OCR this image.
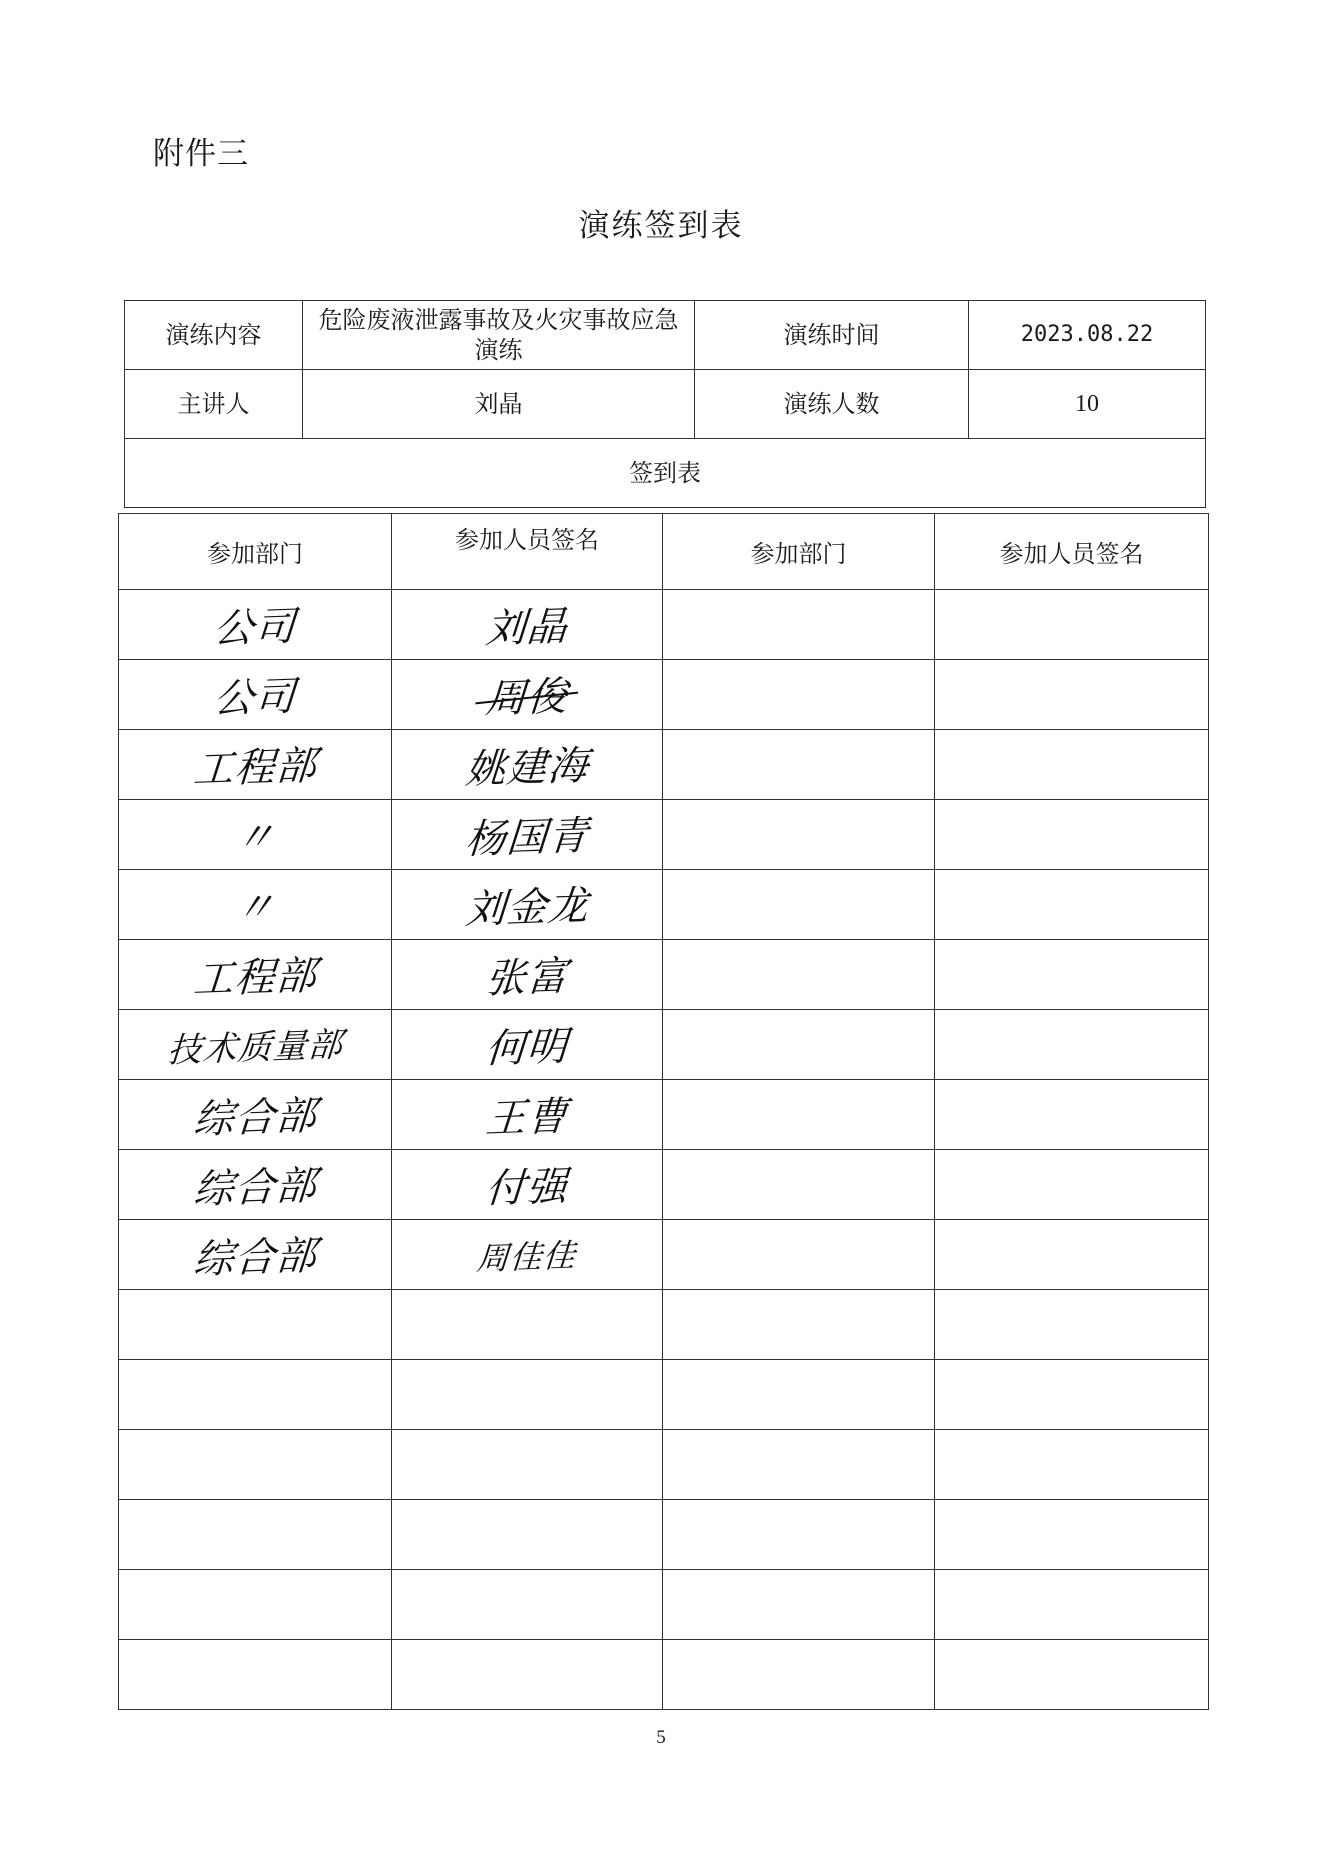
附件三
演练签到表
演练内容	危险废液泄露事故及火灾事故应急演练	演练时间	2023.08.22
主讲人	刘晶	演练人数	10
签到表			
参加部门	参加人员签名	参加部门	参加人员签名
公司	刘晶		
公司	周俊		
工程部	姚建海		
〃	杨国青		
〃	刘金龙		
工程部	张富		
技术质量部	何明		
综合部	王曹		
综合部	付强		
综合部	周佳佳		

5
